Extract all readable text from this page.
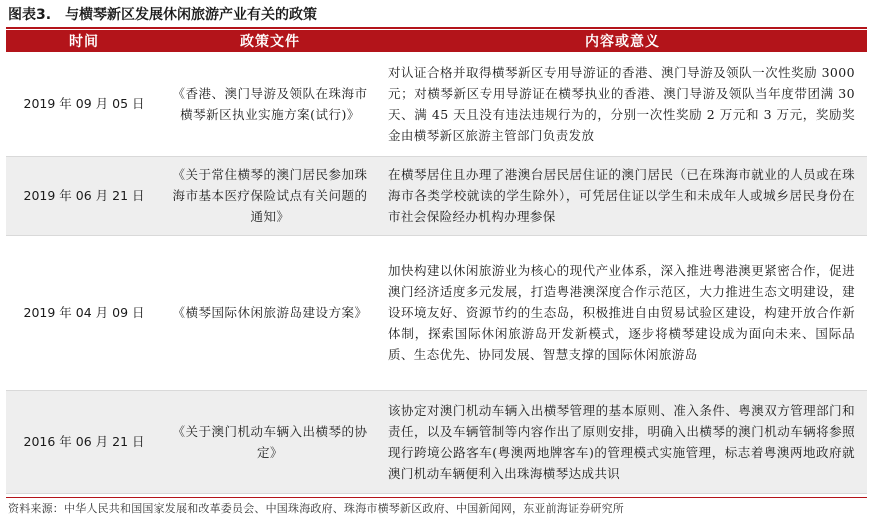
图表3. 与横琴新区发展休闲旅游产业有关的政策
时间	政策文件	内容或意义
2019 年 09 月 05 日	《香港、澳门导游及领队在珠海市横琴新区执业实施方案(试行)》	对认证合格并取得横琴新区专用导游证的香港、澳门导游及领队一次性奖励 3000 元；对横琴新区专用导游证在横琴执业的香港、澳门导游及领队当年度带团满 30 天、满 45 天且没有违法违规行为的，分别一次性奖励 2 万元和 3 万元，奖励奖金由横琴新区旅游主管部门负责发放
2019 年 06 月 21 日	《关于常住横琴的澳门居民参加珠海市基本医疗保险试点有关问题的通知》	在横琴居住且办理了港澳台居民居住证的澳门居民（已在珠海市就业的人员或在珠海市各类学校就读的学生除外），可凭居住证以学生和未成年人或城乡居民身份在市社会保险经办机构办理参保
2019 年 04 月 09 日	《横琴国际休闲旅游岛建设方案》	加快构建以休闲旅游业为核心的现代产业体系，深入推进粤港澳更紧密合作，促进澳门经济适度多元发展，打造粤港澳深度合作示范区，大力推进生态文明建设，建设环境友好、资源节约的生态岛，积极推进自由贸易试验区建设，构建开放合作新体制，探索国际休闲旅游岛开发新模式，逐步将横琴建设成为面向未来、国际品质、生态优先、协同发展、智慧支撑的国际休闲旅游岛
2016 年 06 月 21 日	《关于澳门机动车辆入出横琴的协定》	该协定对澳门机动车辆入出横琴管理的基本原则、准入条件、粤澳双方管理部门和责任，以及车辆管制等内容作出了原则安排，明确入出横琴的澳门机动车辆将参照现行跨境公路客车(粤澳两地牌客车)的管理模式实施管理，标志着粤澳两地政府就澳门机动车辆便利入出珠海横琴达成共识
资料来源：中华人民共和国国家发展和改革委员会、中国珠海政府、珠海市横琴新区政府、中国新闻网，东亚前海证券研究所
